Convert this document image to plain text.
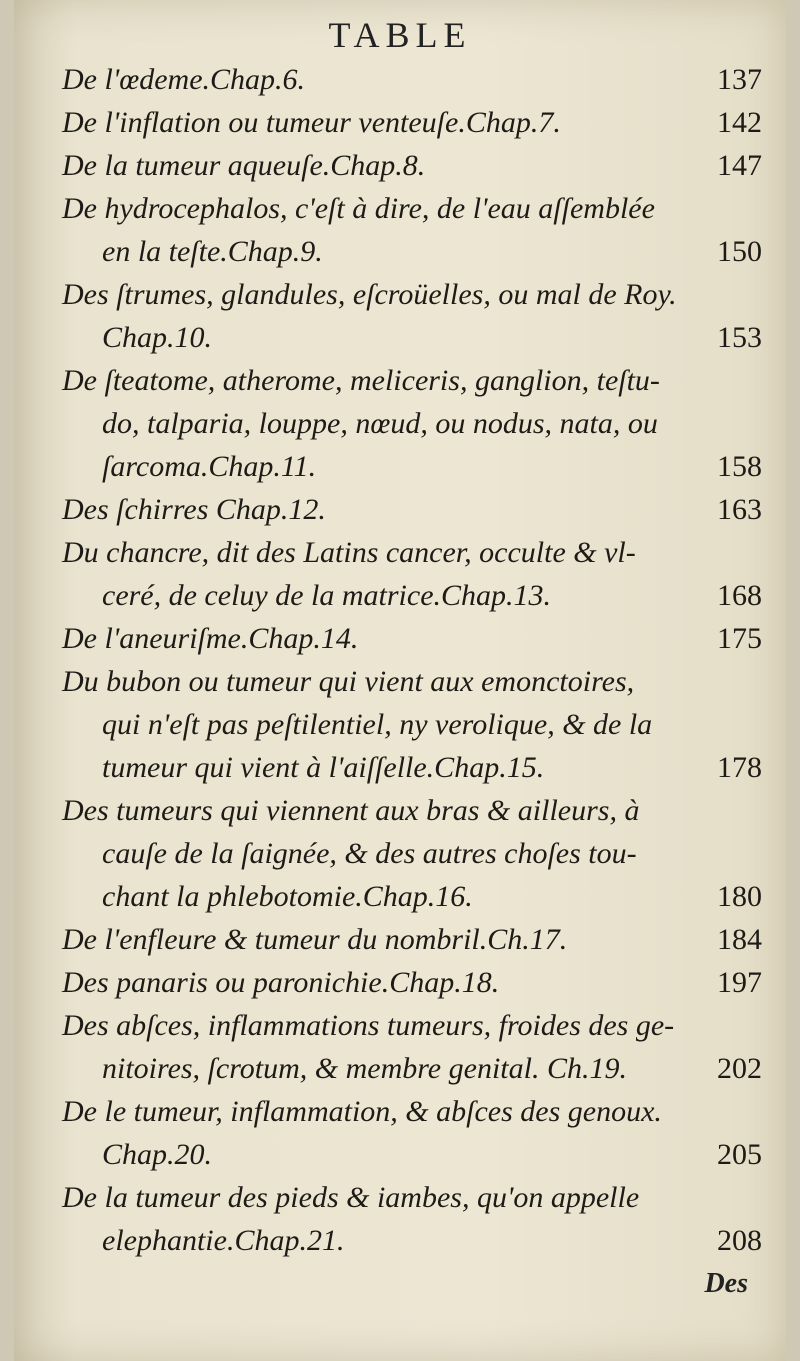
TABLE
De l'œdeme.Chap.6.	137
De l'inflation ou tumeur venteuſe.Chap.7.	142
De la tumeur aqueuſe.Chap.8.	147
De hydrocephalos, c'eſt à dire, de l'eau aſſemblée
en la teſte.Chap.9.	150
Des ſtrumes, glandules, eſcroüelles, ou mal de Roy.
Chap.10.	153
De ſteatome, atherome, meliceris, ganglion, teſtu-
do, talparia, louppe, nœud, ou nodus, nata, ou
ſarcoma.Chap.11.	158
Des ſchirres Chap.12.	163
Du chancre, dit des Latins cancer, occulte & vl-
ceré, de celuy de la matrice.Chap.13.	168
De l'aneuriſme.Chap.14.	175
Du bubon ou tumeur qui vient aux emonctoires,
qui n'eſt pas peſtilentiel, ny verolique, & de la
tumeur qui vient à l'aiſſelle.Chap.15.	178
Des tumeurs qui viennent aux bras & ailleurs, à
cauſe de la ſaignée, & des autres choſes tou-
chant la phlebotomie.Chap.16.	180
De l'enfleure & tumeur du nombril.Ch.17.	184
Des panaris ou paronichie.Chap.18.	197
Des abſces, inflammations tumeurs, froides des ge-
nitoires, ſcrotum, & membre genital. Ch.19.	202
De le tumeur, inflammation, & abſces des genoux.
Chap.20.	205
De la tumeur des pieds & iambes, qu'on appelle
elephantie.Chap.21.	208
Des
